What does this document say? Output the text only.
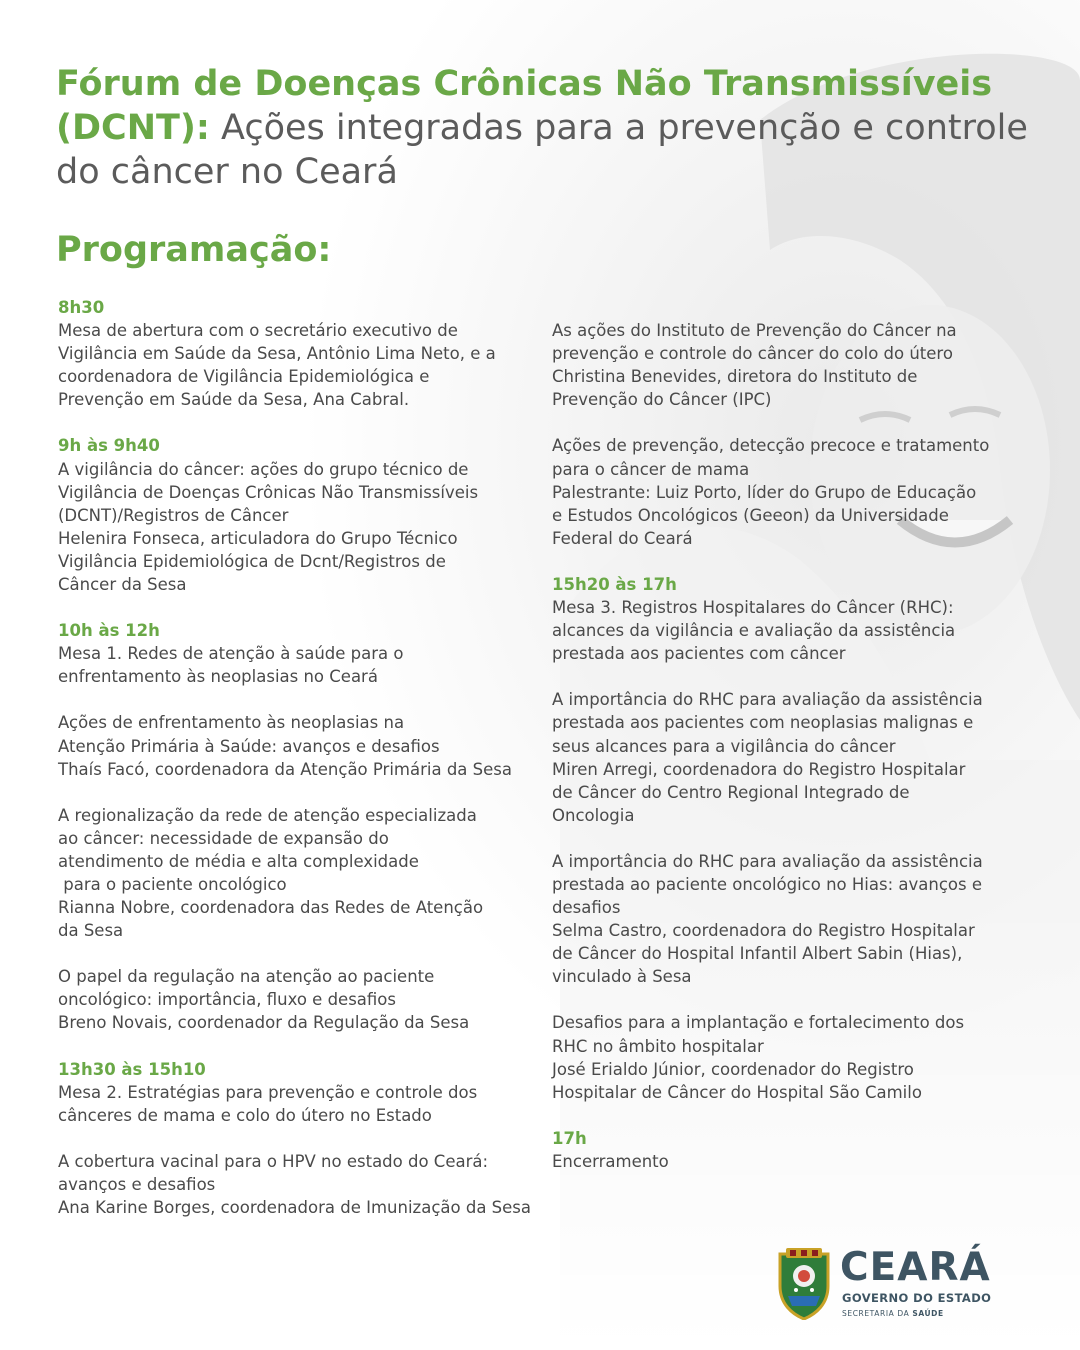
Fórum de Doenças Crônicas Não Transmissíveis (DCNT): Ações integradas para a prevenção e controle do câncer no Ceará
Programação:
8h30
Mesa de abertura com o secretário executivo de
Vigilância em Saúde da Sesa, Antônio Lima Neto, e a
coordenadora de Vigilância Epidemiológica e
Prevenção em Saúde da Sesa, Ana Cabral.
9h às 9h40
A vigilância do câncer: ações do grupo técnico de
Vigilância de Doenças Crônicas Não Transmissíveis
(DCNT)/Registros de Câncer
Helenira Fonseca, articuladora do Grupo Técnico
Vigilância Epidemiológica de Dcnt/Registros de
Câncer da Sesa
10h às 12h
Mesa 1. Redes de atenção à saúde para o
enfrentamento às neoplasias no Ceará
Ações de enfrentamento às neoplasias na
Atenção Primária à Saúde: avanços e desafios
Thaís Facó, coordenadora da Atenção Primária da Sesa
A regionalização da rede de atenção especializada
ao câncer: necessidade de expansão do
atendimento de média e alta complexidade
para o paciente oncológico
Rianna Nobre, coordenadora das Redes de Atenção
da Sesa
O papel da regulação na atenção ao paciente
oncológico: importância, fluxo e desafios
Breno Novais, coordenador da Regulação da Sesa
13h30 às 15h10
Mesa 2. Estratégias para prevenção e controle dos
cânceres de mama e colo do útero no Estado
A cobertura vacinal para o HPV no estado do Ceará:
avanços e desafios
Ana Karine Borges, coordenadora de Imunização da Sesa
As ações do Instituto de Prevenção do Câncer na
prevenção e controle do câncer do colo do útero
Christina Benevides, diretora do Instituto de
Prevenção do Câncer (IPC)
Ações de prevenção, detecção precoce e tratamento
para o câncer de mama
Palestrante: Luiz Porto, líder do Grupo de Educação
e Estudos Oncológicos (Geeon) da Universidade
Federal do Ceará
15h20 às 17h
Mesa 3. Registros Hospitalares do Câncer (RHC):
alcances da vigilância e avaliação da assistência
prestada aos pacientes com câncer
A importância do RHC para avaliação da assistência
prestada aos pacientes com neoplasias malignas e
seus alcances para a vigilância do câncer
Miren Arregi, coordenadora do Registro Hospitalar
de Câncer do Centro Regional Integrado de
Oncologia
A importância do RHC para avaliação da assistência
prestada ao paciente oncológico no Hias: avanços e
desafios
Selma Castro, coordenadora do Registro Hospitalar
de Câncer do Hospital Infantil Albert Sabin (Hias),
vinculado à Sesa
Desafios para a implantação e fortalecimento dos
RHC no âmbito hospitalar
José Erialdo Júnior, coordenador do Registro
Hospitalar de Câncer do Hospital São Camilo
17h
Encerramento
CEARÁ
GOVERNO DO ESTADO
SECRETARIA DA SAÚDE
